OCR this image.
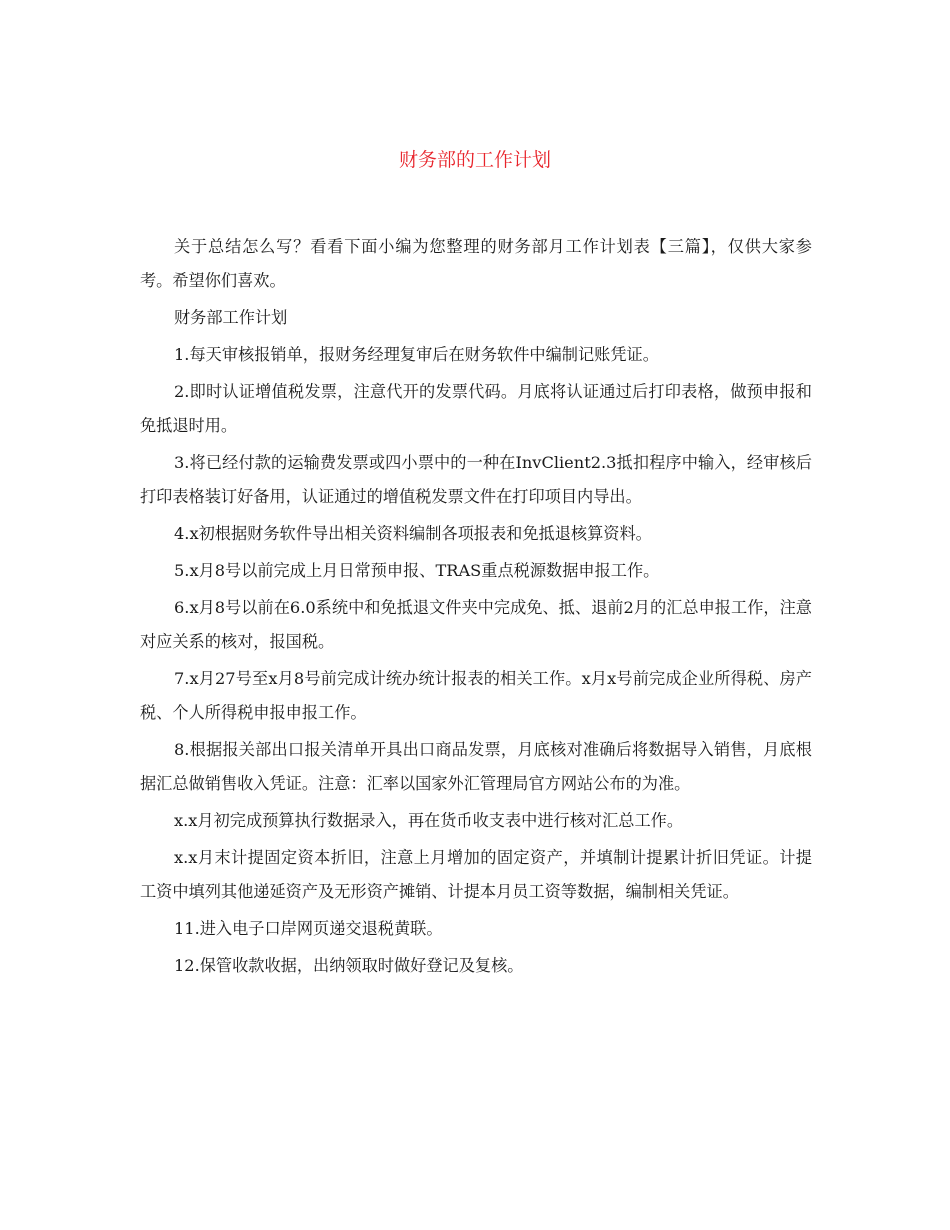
财务部的工作计划

关于总结怎么写？看看下面小编为您整理的财务部月工作计划表【三篇】，仅供大家参考。希望你们喜欢。

财务部工作计划

1.每天审核报销单，报财务经理复审后在财务软件中编制记账凭证。

2.即时认证增值税发票，注意代开的发票代码。月底将认证通过后打印表格，做预申报和免抵退时用。

3.将已经付款的运输费发票或四小票中的一种在InvClient2.3抵扣程序中输入，经审核后打印表格装订好备用，认证通过的增值税发票文件在打印项目内导出。

4.x初根据财务软件导出相关资料编制各项报表和免抵退核算资料。

5.x月8号以前完成上月日常预申报、TRAS重点税源数据申报工作。

6.x月8号以前在6.0系统中和免抵退文件夹中完成免、抵、退前2月的汇总申报工作，注意对应关系的核对，报国税。

7.x月27号至x月8号前完成计统办统计报表的相关工作。x月x号前完成企业所得税、房产税、个人所得税申报申报工作。

8.根据报关部出口报关清单开具出口商品发票，月底核对准确后将数据导入销售，月底根据汇总做销售收入凭证。注意：汇率以国家外汇管理局官方网站公布的为准。

x.x月初完成预算执行数据录入，再在货币收支表中进行核对汇总工作。

x.x月末计提固定资本折旧，注意上月增加的固定资产，并填制计提累计折旧凭证。计提工资中填列其他递延资产及无形资产摊销、计提本月员工资等数据，编制相关凭证。

11.进入电子口岸网页递交退税黄联。

12.保管收款收据，出纳领取时做好登记及复核。
